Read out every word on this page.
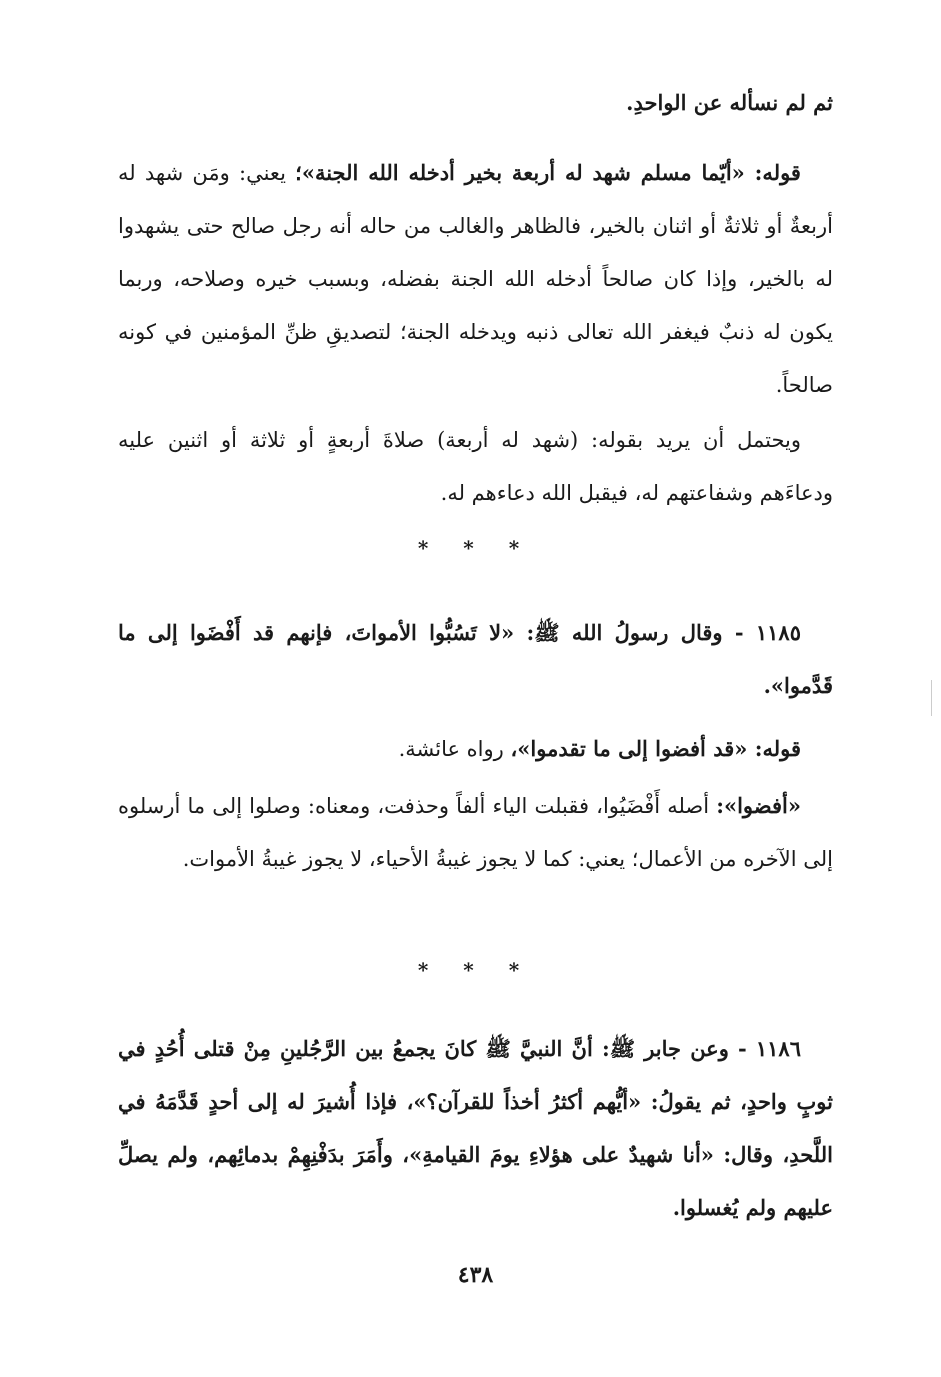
ثم لم نسأله عن الواحدِ.
قوله: «أيّما مسلم شهد له أربعة بخير أدخله الله الجنة»؛ يعني: ومَن شهد له أربعةٌ أو ثلاثةٌ أو اثنان بالخير، فالظاهر والغالب من حاله أنه رجل صالح حتى يشهدوا له بالخير، وإذا كان صالحاً أدخله الله الجنة بفضله، وبسبب خيره وصلاحه، وربما يكون له ذنبٌ فيغفر الله تعالى ذنبه ويدخله الجنة؛ لتصديقِ ظنِّ المؤمنين في كونه صالحاً.
ويحتمل أن يريد بقوله: (شهد له أربعة) صلاةَ أربعةٍ أو ثلاثة أو اثنين عليه ودعاءَهم وشفاعتهم له، فيقبل الله دعاءهم له.
* * *
١١٨٥ - وقال رسولُ الله ﷺ: «لا تَسُبُّوا الأمواتَ، فإنهم قد أَفْضَوا إلى ما قَدَّموا».
قوله: «قد أفضوا إلى ما تقدموا»، رواه عائشة.
«أفضوا»: أصله أَفْضَيُوا، فقبلت الياء ألفاً وحذفت، ومعناه: وصلوا إلى ما أرسلوه إلى الآخره من الأعمال؛ يعني: كما لا يجوز غيبةُ الأحياء، لا يجوز غيبةُ الأموات.
* * *
١١٨٦ - وعن جابر ﷺ: أنَّ النبيَّ ﷺ كانَ يجمعُ بين الرَّجُلينِ مِنْ قتلى أُحُدٍ في ثوبٍ واحدٍ، ثم يقولُ: «أيُّهم أكثرُ أخذاً للقرآن؟»، فإذا أُشيرَ له إلى أحدٍ قَدَّمَهُ في اللَّحدِ، وقال: «أنا شهيدٌ على هؤلاءِ يومَ القيامةِ»، وأَمَرَ بدَفْنِهِمْ بدمائِهم، ولم يصلِّ عليهم ولم يُغسلوا.
٤٣٨
